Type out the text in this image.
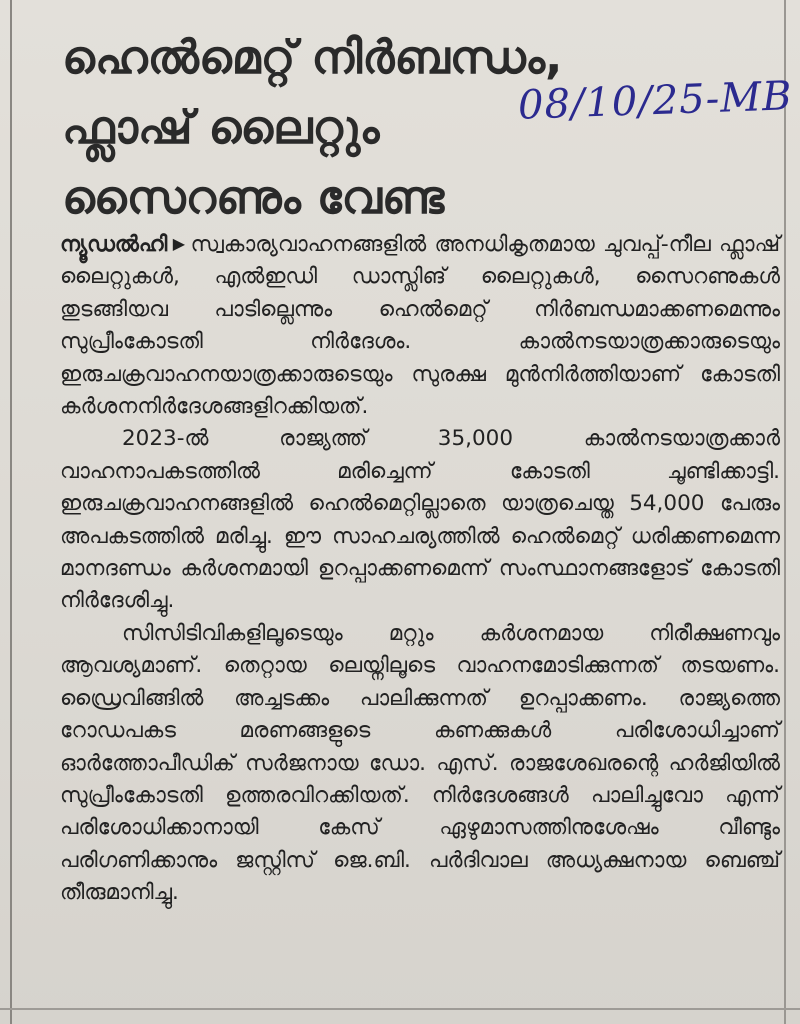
ഹെൽമെറ്റ് നിർബന്ധം,
ഫ്ലാഷ് ലൈറ്റും
സൈറണും വേണ്ട
08/10/25-MB

ന്യൂഡൽഹി ▶ സ്വകാര്യവാഹനങ്ങളിൽ അനധികൃതമായ ചുവപ്പ്-നീല ഫ്ലാഷ് ലൈറ്റുകൾ, എൽഇഡി ഡാസ്ലിങ് ലൈറ്റുകൾ, സൈറണുകൾ തുടങ്ങിയവ പാടില്ലെന്നും ഹെൽമെറ്റ് നിർബന്ധമാക്കണമെന്നും സുപ്രീംകോടതി നിർദേശം. കാൽനടയാത്രക്കാരുടെയും ഇരുചക്രവാഹനയാത്രക്കാരുടെയും സുരക്ഷ മുൻനിർത്തിയാണ് കോടതി കർശനനിർദേശങ്ങളിറക്കിയത്.

2023-ൽ രാജ്യത്ത് 35,000 കാൽനടയാത്രക്കാർ വാഹനാപകടത്തിൽ മരിച്ചെന്ന് കോടതി ചൂണ്ടിക്കാട്ടി. ഇരുചക്രവാഹനങ്ങളിൽ ഹെൽമെറ്റില്ലാതെ യാത്രചെയ്ത 54,000 പേരും അപകടത്തിൽ മരിച്ചു. ഈ സാഹചര്യത്തിൽ ഹെൽമെറ്റ് ധരിക്കണമെന്ന മാനദണ്ഡം കർശനമായി ഉറപ്പാക്കണമെന്ന് സംസ്ഥാനങ്ങളോട് കോടതി നിർദേശിച്ചു.

സിസിടിവികളിലൂടെയും മറ്റും കർശനമായ നിരീക്ഷണവും ആവശ്യമാണ്. തെറ്റായ ലെയ്നിലൂടെ വാഹനമോടിക്കുന്നത് തടയണം. ഡ്രൈവിങ്ങിൽ അച്ചടക്കം പാലിക്കുന്നത് ഉറപ്പാക്കണം. രാജ്യത്തെ റോഡപകട മരണങ്ങളുടെ കണക്കുകൾ പരിശോധിച്ചാണ് ഓർത്തോപീഡിക് സർജനായ ഡോ. എസ്. രാജശേഖരന്റെ ഹർജിയിൽ സുപ്രീംകോടതി ഉത്തരവിറക്കിയത്. നിർദേശങ്ങൾ പാലിച്ചുവോ എന്ന് പരിശോധിക്കാനായി കേസ് ഏഴുമാസത്തിനുശേഷം വീണ്ടും പരിഗണിക്കാനും ജസ്റ്റിസ് ജെ.ബി. പർദിവാല അധ്യക്ഷനായ ബെഞ്ച് തീരുമാനിച്ചു.
